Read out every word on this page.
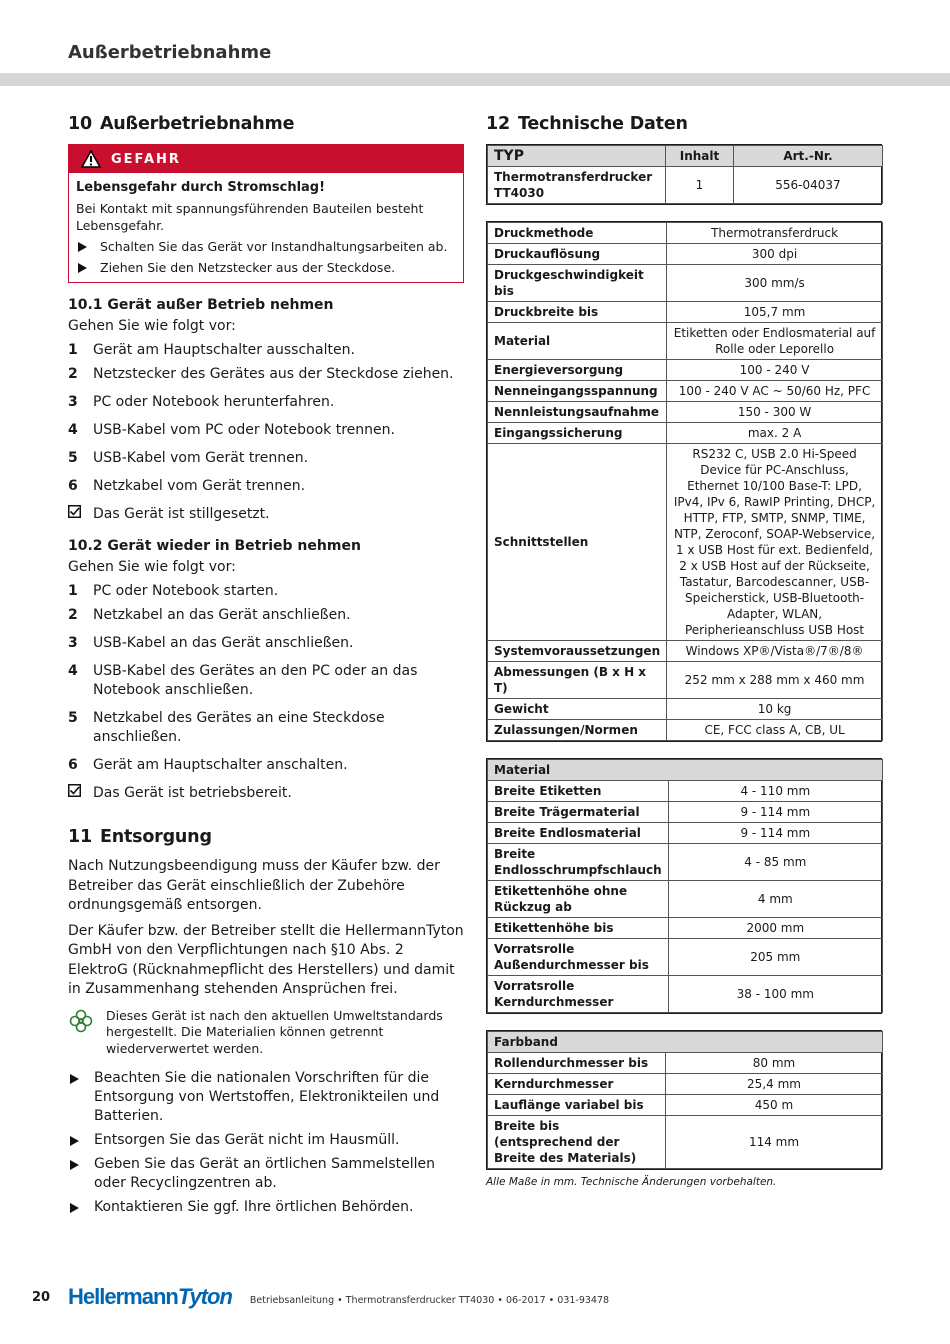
Außerbetriebnahme
10 Außerbetriebnahme
GEFAHR
Lebensgefahr durch Stromschlag!
Bei Kontakt mit spannungsführenden Bauteilen besteht Lebensgefahr.
Schalten Sie das Gerät vor Instandhaltungsarbeiten ab.
Ziehen Sie den Netzstecker aus der Steckdose.
10.1 Gerät außer Betrieb nehmen
Gehen Sie wie folgt vor:
1	Gerät am Hauptschalter ausschalten.
2	Netzstecker des Gerätes aus der Steckdose ziehen.
3	PC oder Notebook herunterfahren.
4	USB-Kabel vom PC oder Notebook trennen.
5	USB-Kabel vom Gerät trennen.
6	Netzkabel vom Gerät trennen.
Das Gerät ist stillgesetzt.
10.2 Gerät wieder in Betrieb nehmen
Gehen Sie wie folgt vor:
1	PC oder Notebook starten.
2	Netzkabel an das Gerät anschließen.
3	USB-Kabel an das Gerät anschließen.
4	USB-Kabel des Gerätes an den PC oder an das Notebook anschließen.
5	Netzkabel des Gerätes an eine Steckdose anschließen.
6	Gerät am Hauptschalter anschalten.
Das Gerät ist betriebsbereit.
11 Entsorgung
Nach Nutzungsbeendigung muss der Käufer bzw. der Betreiber das Gerät einschließlich der Zubehöre ordnungsgemäß entsorgen.
Der Käufer bzw. der Betreiber stellt die HellermannTyton GmbH von den Verpflichtungen nach §10 Abs. 2 ElektroG (Rücknahmepflicht des Herstellers) und damit in Zusammenhang stehenden Ansprüchen frei.
Dieses Gerät ist nach den aktuellen Umweltstandards hergestellt. Die Materialien können getrennt wiederverwertet werden.
Beachten Sie die nationalen Vorschriften für die Entsorgung von Wertstoffen, Elektronikteilen und Batterien.
Entsorgen Sie das Gerät nicht im Hausmüll.
Geben Sie das Gerät an örtlichen Sammelstellen oder Recyclingzentren ab.
Kontaktieren Sie ggf. Ihre örtlichen Behörden.
12 Technische Daten
TYP	Inhalt	Art.-Nr.
Thermotransferdrucker TT4030	1	556-04037
Druckmethode	Thermotransferdruck
Druckauflösung	300 dpi
Druckgeschwindigkeit bis	300 mm/s
Druckbreite bis	105,7 mm
Material	Etiketten oder Endlosmaterial auf Rolle oder Leporello
Energieversorgung	100 - 240 V
Nenneingangsspannung	100 - 240 V AC ~ 50/60 Hz, PFC
Nennleistungsaufnahme	150 - 300 W
Eingangssicherung	max. 2 A
Schnittstellen	RS232 C, USB 2.0 Hi-Speed Device für PC-Anschluss, Ethernet 10/100 Base-T: LPD, IPv4, IPv 6, RawIP Printing, DHCP, HTTP, FTP, SMTP, SNMP, TIME, NTP, Zeroconf, SOAP-Webservice, 1 x USB Host für ext. Bedienfeld, 2 x USB Host auf der Rückseite, Tastatur, Barcodescanner, USB-Speicherstick, USB-Bluetooth-Adapter, WLAN, Peripherieanschluss USB Host
Systemvoraussetzungen	Windows XP®/Vista®/7®/8®
Abmessungen (B x H x T)	252 mm x 288 mm x 460 mm
Gewicht	10 kg
Zulassungen/Normen	CE, FCC class A, CB, UL
Material	
Breite Etiketten	4 - 110 mm
Breite Trägermaterial	9 - 114 mm
Breite Endlosmaterial	9 - 114 mm
Breite Endlosschrumpfschlauch	4 - 85 mm
Etikettenhöhe ohne Rückzug ab	4 mm
Etikettenhöhe bis	2000 mm
Vorratsrolle Außendurchmesser bis	205 mm
Vorratsrolle Kerndurchmesser	38 - 100 mm
Farbband	
Rollendurchmesser bis	80 mm
Kerndurchmesser	25,4 mm
Lauflänge variabel bis	450 m
Breite bis (entsprechend der Breite des Materials)	114 mm
Alle Maße in mm. Technische Änderungen vorbehalten.
20 HellermannTyton Betriebsanleitung • Thermotransferdrucker TT4030 • 06-2017 • 031-93478
